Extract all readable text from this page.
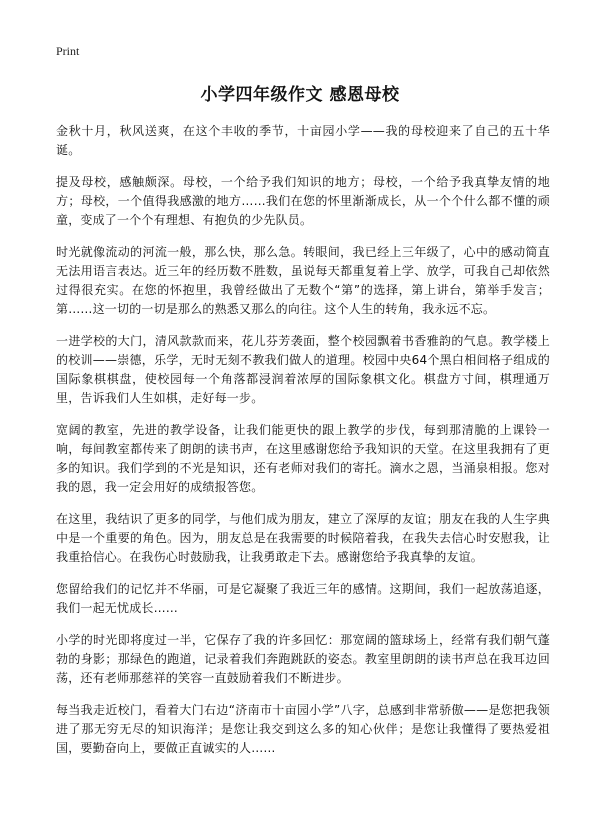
Print
小学四年级作文 感恩母校

金秋十月，秋风送爽，在这个丰收的季节，十亩园小学——我的母校迎来了自己的五十华诞。

提及母校，感触颇深。母校，一个给予我们知识的地方；母校，一个给予我真挚友情的地方；母校，一个值得我感激的地方……我们在您的怀里渐渐成长，从一个个什么都不懂的顽童，变成了一个个有理想、有抱负的少先队员。

时光就像流动的河流一般，那么快，那么急。转眼间，我已经上三年级了，心中的感动简直无法用语言表达。近三年的经历数不胜数，虽说每天都重复着上学、放学，可我自己却依然过得很充实。在您的怀抱里，我曾经做出了无数个“第”的选择，第上讲台，第举手发言；第……这一切的一切是那么的熟悉又那么的向往。这个人生的转角，我永远不忘。

一进学校的大门，清风款款而来，花儿芬芳袭面，整个校园飘着书香雅韵的气息。教学楼上的校训——崇德，乐学，无时无刻不教我们做人的道理。校园中央64个黑白相间格子组成的国际象棋棋盘，使校园每一个角落都浸润着浓厚的国际象棋文化。棋盘方寸间，棋理通万里，告诉我们人生如棋，走好每一步。

宽阔的教室，先进的教学设备，让我们能更快的跟上教学的步伐，每到那清脆的上课铃一响，每间教室都传来了朗朗的读书声，在这里感谢您给予我知识的天堂。在这里我拥有了更多的知识。我们学到的不光是知识，还有老师对我们的寄托。滴水之恩，当涌泉相报。您对我的恩，我一定会用好的成绩报答您。

在这里，我结识了更多的同学，与他们成为朋友，建立了深厚的友谊；朋友在我的人生字典中是一个重要的角色。因为，朋友总是在我需要的时候陪着我，在我失去信心时安慰我，让我重拾信心。在我伤心时鼓励我，让我勇敢走下去。感谢您给予我真挚的友谊。

您留给我们的记忆并不华丽，可是它凝聚了我近三年的感情。这期间，我们一起放荡追逐，我们一起无忧成长……

小学的时光即将度过一半，它保存了我的许多回忆：那宽阔的篮球场上，经常有我们朝气蓬勃的身影；那绿色的跑道，记录着我们奔跑跳跃的姿态。教室里朗朗的读书声总在我耳边回荡，还有老师那慈祥的笑容一直鼓励着我们不断进步。

每当我走近校门，看着大门右边“济南市十亩园小学”八字，总感到非常骄傲——是您把我领进了那无穷无尽的知识海洋；是您让我交到这么多的知心伙伴；是您让我懂得了要热爱祖国，要勤奋向上，要做正直诚实的人……
